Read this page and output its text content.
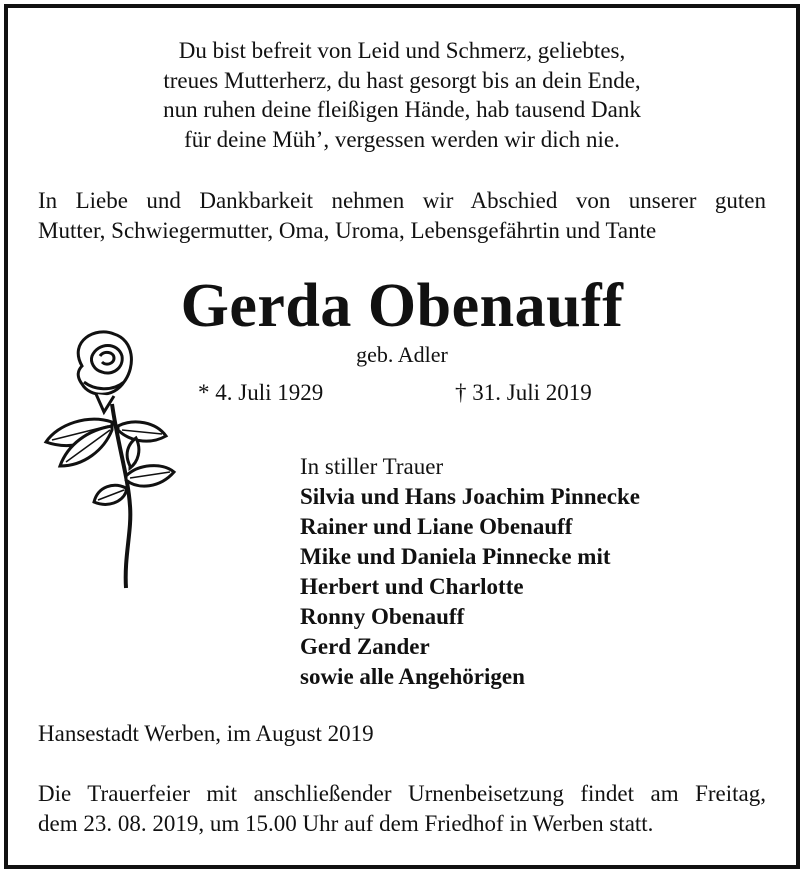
Du bist befreit von Leid und Schmerz, geliebtes,
treues Mutterherz, du hast gesorgt bis an dein Ende,
nun ruhen deine fleißigen Hände, hab tausend Dank
für deine Müh’, vergessen werden wir dich nie.
In Liebe und Dankbarkeit nehmen wir Abschied von unserer guten
Mutter, Schwiegermutter, Oma, Uroma, Lebensgefährtin und Tante
Gerda Obenauff
geb. Adler
* 4. Juli 1929	† 31. Juli 2019
In stiller Trauer
Silvia und Hans Joachim Pinnecke
Rainer und Liane Obenauff
Mike und Daniela Pinnecke mit
Herbert und Charlotte
Ronny Obenauff
Gerd Zander
sowie alle Angehörigen
Hansestadt Werben, im August 2019
Die Trauerfeier mit anschließender Urnenbeisetzung findet am Freitag,
dem 23. 08. 2019, um 15.00 Uhr auf dem Friedhof in Werben statt.
